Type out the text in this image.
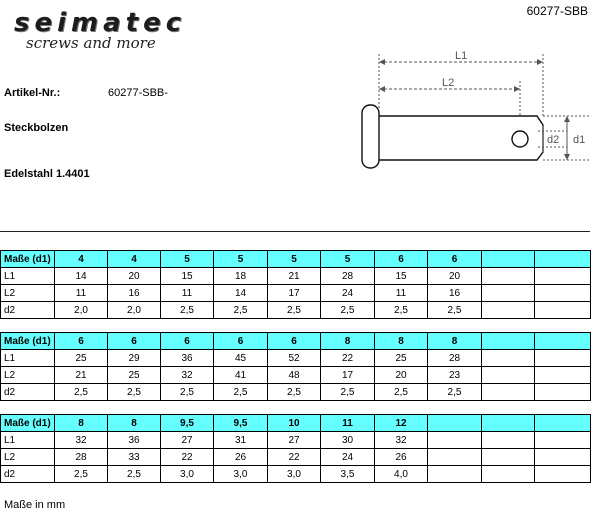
seimatec
screws and more
60277-SBB
Artikel-Nr.:	60277-SBB-
Steckbolzen
Edelstahl 1.4401
L1
L2
d2 d1
Maße (d1)	4	4	5	5	5	5	6	6		
L1	14	20	15	18	21	28	15	20		
L2	11	16	11	14	17	24	11	16		
d2	2,0	2,0	2,5	2,5	2,5	2,5	2,5	2,5		
Maße (d1)	6	6	6	6	6	8	8	8		
L1	25	29	36	45	52	22	25	28		
L2	21	25	32	41	48	17	20	23		
d2	2,5	2,5	2,5	2,5	2,5	2,5	2,5	2,5		
Maße (d1)	8	8	9,5	9,5	10	11	12			
L1	32	36	27	31	27	30	32			
L2	28	33	22	26	22	24	26			
d2	2,5	2,5	3,0	3,0	3,0	3,5	4,0			
Maße in mm
